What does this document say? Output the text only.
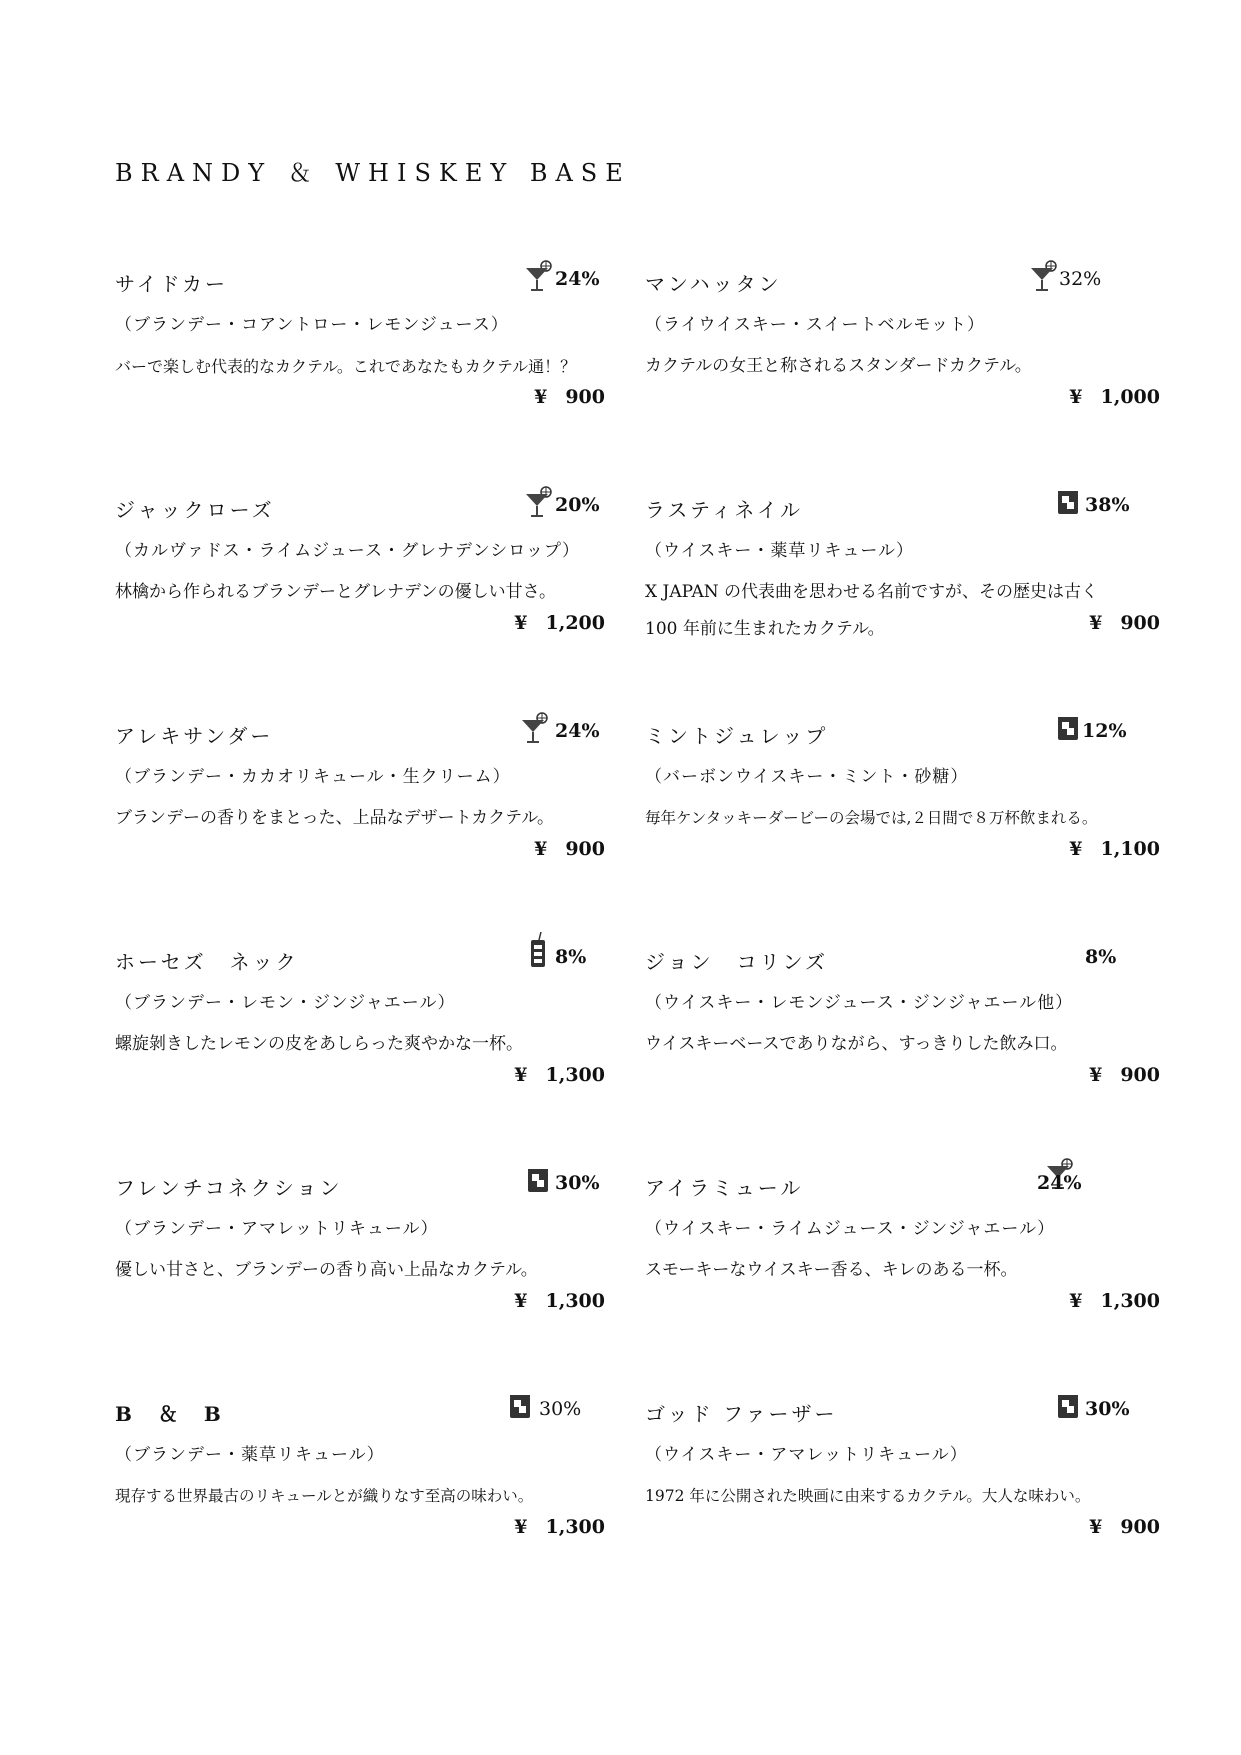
BRANDY ＆ WHISKEY BASE
サイドカー	24%
（ブランデー・コアントロー・レモンジュース）
バーで楽しむ代表的なカクテル。これであなたもカクテル通！？
¥ 900
マンハッタン	32%
（ライウイスキー・スイートベルモット）
カクテルの女王と称されるスタンダードカクテル。
¥ 1,000
ジャックローズ	20%
（カルヴァドス・ライムジュース・グレナデンシロップ）
林檎から作られるブランデーとグレナデンの優しい甘さ。
¥ 1,200
ラスティネイル	38%
（ウイスキー・薬草リキュール）
X JAPAN の代表曲を思わせる名前ですが、その歴史は古く 100 年前に生まれたカクテル。	¥ 900
アレキサンダー	24%
（ブランデー・カカオリキュール・生クリーム）
ブランデーの香りをまとった、上品なデザートカクテル。
¥ 900
ミントジュレップ	12%
（バーボンウイスキー・ミント・砂糖）
毎年ケンタッキーダービーの会場では,２日間で８万杯飲まれる。
¥ 1,100
ホーセズ　ネック	8%
（ブランデー・レモン・ジンジャエール）
螺旋剝きしたレモンの皮をあしらった爽やかな一杯。
¥ 1,300
ジョン　コリンズ	8%
（ウイスキー・レモンジュース・ジンジャエール他）
ウイスキーベースでありながら、すっきりした飲み口。
¥ 900
フレンチコネクション	30%
（ブランデー・アマレットリキュール）
優しい甘さと、ブランデーの香り高い上品なカクテル。
¥ 1,300
アイラミュール	24%
（ウイスキー・ライムジュース・ジンジャエール）
スモーキーなウイスキー香る、キレのある一杯。
¥ 1,300
B　＆　B	30%
（ブランデー・薬草リキュール）
現存する世界最古のリキュールとが織りなす至高の味わい。
¥ 1,300
ゴッド ファーザー	30%
（ウイスキー・アマレットリキュール）
1972 年に公開された映画に由来するカクテル。大人な味わい。
¥ 900
